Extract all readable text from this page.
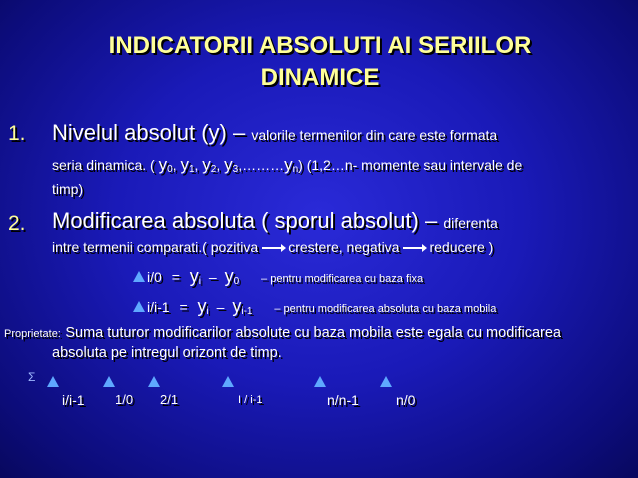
INDICATORII ABSOLUTI AI SERIILOR
DINAMICE
1. Nivelul absolut (y) – valorile termenilor din care este formata
seria dinamica. ( $y_0$, $y_1$, $y_2$, $y_3,\dots\dots\dots y_n$) (1,2…n- momente sau intervale de
timp)
2. Modificarea absoluta ( sporul absolut) – diferenta
intre termenii comparati.( pozitiva crestere, negativa reducere )
$i/0 = y_i - y_0$ – pentru modificarea cu baza fixa
$i/i-1 = y_i - y_{i-1}$ – pentru modificarea absoluta cu baza mobila
Proprietate: Suma tuturor modificarilor absolute cu baza mobila este egala cu modificarea
absoluta pe intregul orizont de timp.
Σ
i/i-1 1/0 2/1	I / i-1	n/n-1	n/0
